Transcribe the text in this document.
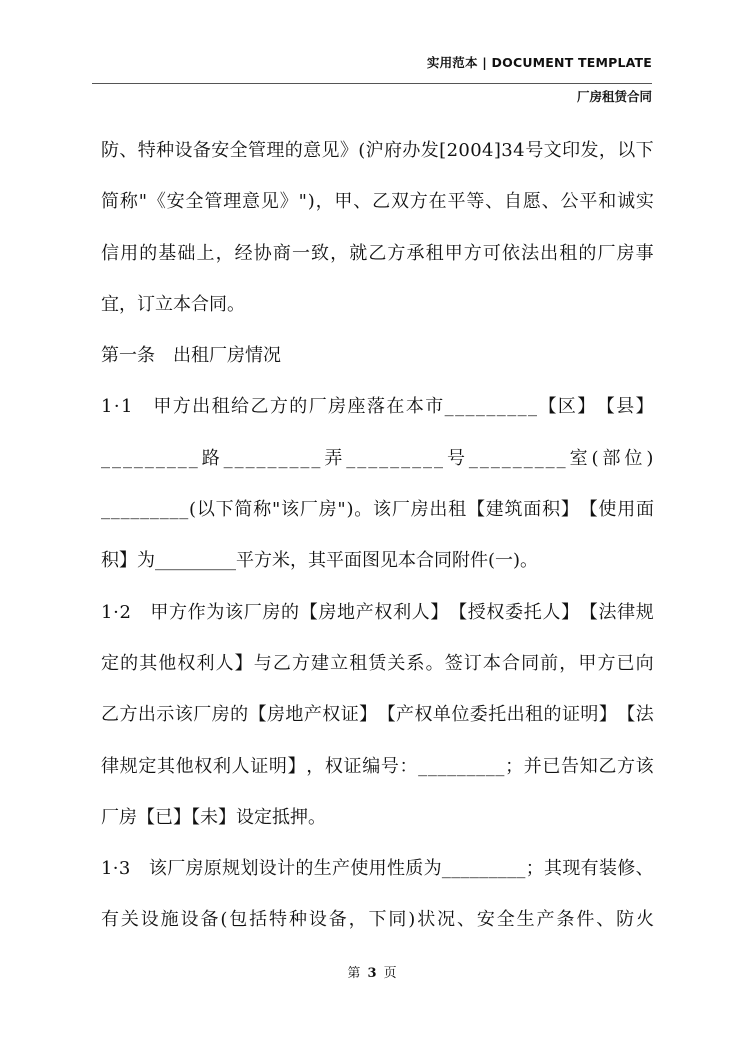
实用范本 | DOCUMENT TEMPLATE
厂房租赁合同
防 、 特 种 设 备 安 全 管 理 的 意 见 》 ( 沪 府 办 发 [ 2 0 0 4 ] 3 4 号 文 印 发 ， 以 下
简 称 " 《 安 全 管 理 意 见 》 " ) ， 甲 、 乙 双 方 在 平 等 、 自 愿 、 公 平 和 诚 实
信 用 的 基 础 上 ， 经 协 商 一 致 ， 就 乙 方 承 租 甲 方 可 依 法 出 租 的 厂 房 事
宜，订立本合同。
第一条　出租厂房情况
1 · 1
　 甲 方 出 租 给 乙 方 的 厂 房 座 落 在 本 市 _ _ _ _ _ _ _ _ _ 【 区 】 【 县 】
_ _ _ _ _ _ _ _ _ 路 _ _ _ _ _ _ _ _ _ 弄 _ _ _ _ _ _ _ _ _ 号 _ _ _ _ _ _ _ _ _ 室 ( 部 位 )
_ _ _ _ _ _ _ _ _ ( 以 下 简 称 " 该 厂 房 " ) 。 该 厂 房 出 租 【 建 筑 面 积 】 【 使 用 面
积】为_________平方米，其平面图见本合同附件(一)。
1 · 2
　 甲 方 作 为 该 厂 房 的 【 房 地 产 权 利 人 】 【 授 权 委 托 人 】 【 法 律 规
定 的 其 他 权 利 人 】 与 乙 方 建 立 租 赁 关 系 。 签 订 本 合 同 前 ， 甲 方 已 向
乙 方 出 示 该 厂 房 的 【 房 地 产 权 证 】 【 产 权 单 位 委 托 出 租 的 证 明 】 【 法
律 规 定 其 他 权 利 人 证 明 】 ， 权 证 编 号 ： _ _ _ _ _ _ _ _ _ ； 并 已 告 知 乙 方 该
厂房【已】【未】设定抵押。
1 · 3
　 该 厂 房 原 规 划 设 计 的 生 产 使 用 性 质 为 _ _ _ _ _ _ _ _ _ ； 其 现 有 装 修 、
有 关 设 施 设 备 ( 包 括 特 种 设 备 ， 下 同 ) 状 况 、 安 全 生 产 条 件 、 防 火
第 3 页
